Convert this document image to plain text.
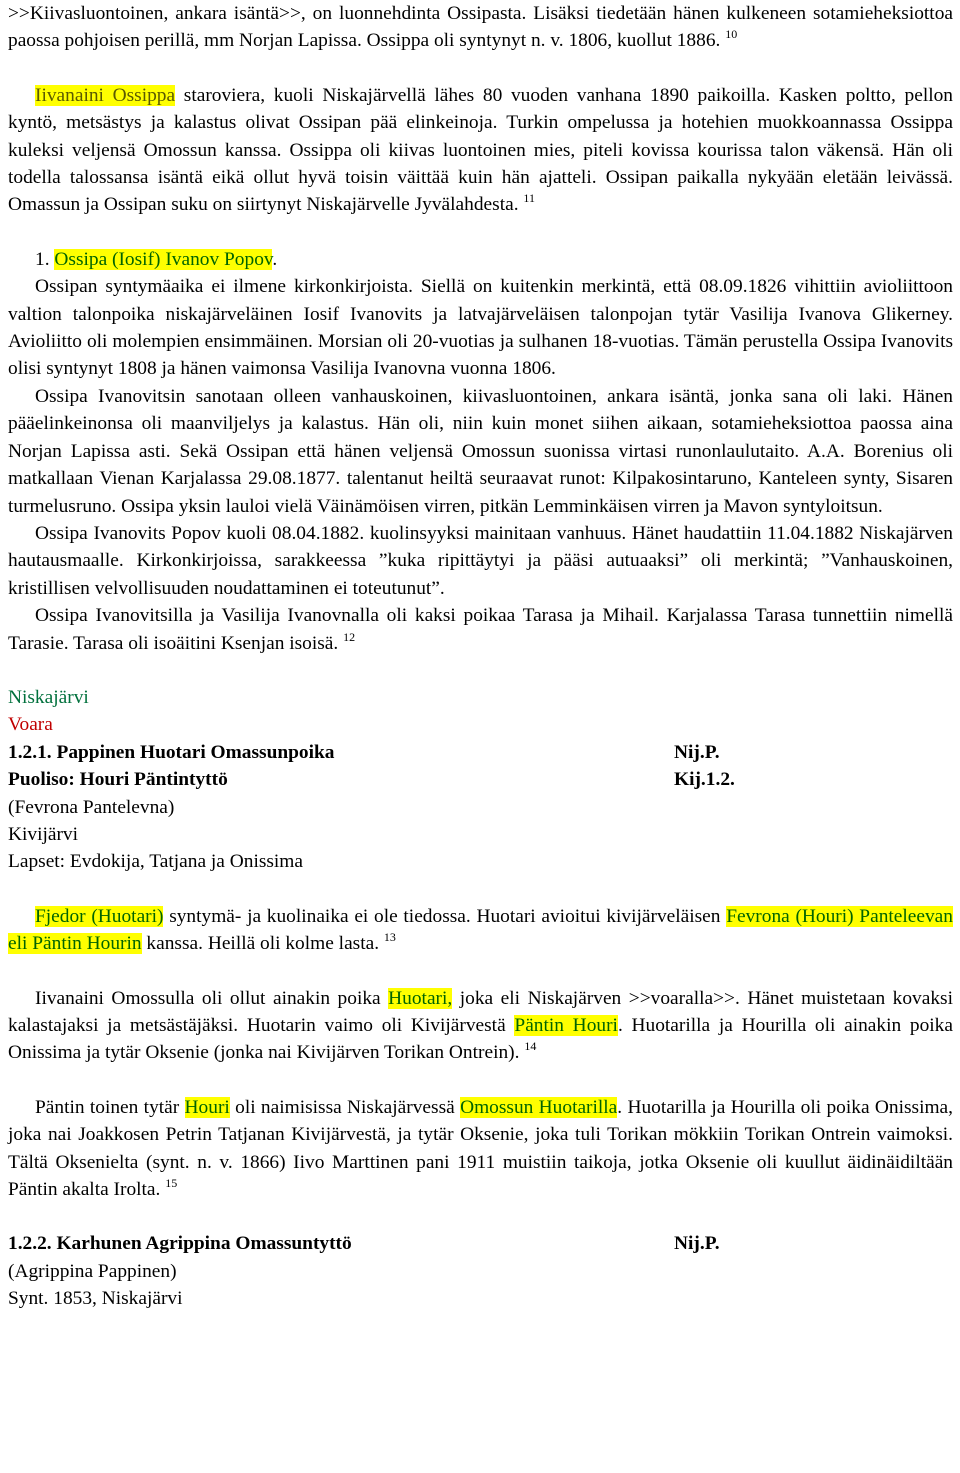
>>Kiivasluontoinen, ankara isäntä>>, on luonnehdinta Ossipasta. Lisäksi tiedetään hänen kulkeneen sotamieheksiottoa paossa pohjoisen perillä, mm Norjan Lapissa. Ossippa oli syntynyt n. v. 1806, kuollut 1886. $^{10}$

Iivanaini Ossippa staroviera, kuoli Niskajärvellä lähes 80 vuoden vanhana 1890 paikoilla. Kasken poltto, pellon kyntö, metsästys ja kalastus olivat Ossipan pää elinkeinoja. Turkin ompelussa ja hotehien muokkoannassa Ossippa kuleksi veljensä Omossun kanssa. Ossippa oli kiivas luontoinen mies, piteli kovissa kourissa talon väkensä. Hän oli todella talossansa isäntä eikä ollut hyvä toisin väittää kuin hän ajatteli. Ossipan paikalla nykyään eletään leivässä. Omassun ja Ossipan suku on siirtynyt Niskajärvelle Jyvälahdesta. $^{11}$

1. Ossipa (Iosif) Ivanov Popov.

Ossipan syntymäaika ei ilmene kirkonkirjoista. Siellä on kuitenkin merkintä, että 08.09.1826 vihittiin avioliittoon valtion talonpoika niskajärveläinen Iosif Ivanovits ja latvajärveläisen talonpojan tytär Vasilija Ivanova Glikerney. Avioliitto oli molempien ensimmäinen. Morsian oli 20-vuotias ja sulhanen 18-vuotias. Tämän perustella Ossipa Ivanovits olisi syntynyt 1808 ja hänen vaimonsa Vasilija Ivanovna vuonna 1806.

Ossipa Ivanovitsin sanotaan olleen vanhauskoinen, kiivasluontoinen, ankara isäntä, jonka sana oli laki. Hänen pääelinkeinonsa oli maanviljelys ja kalastus. Hän oli, niin kuin monet siihen aikaan, sotamieheksiottoa paossa aina Norjan Lapissa asti. Sekä Ossipan että hänen veljensä Omossun suonissa virtasi runonlaulutaito. A.A. Borenius oli matkallaan Vienan Karjalassa 29.08.1877. talentanut heiltä seuraavat runot: Kilpakosintaruno, Kanteleen synty, Sisaren turmelusruno. Ossipa yksin lauloi vielä Väinämöisen virren, pitkän Lemminkäisen virren ja Mavon syntyloitsun.

Ossipa Ivanovits Popov kuoli 08.04.1882. kuolinsyyksi mainitaan vanhuus. Hänet haudattiin 11.04.1882 Niskajärven hautausmaalle. Kirkonkirjoissa, sarakkeessa ”kuka ripittäytyi ja pääsi autuaaksi” oli merkintä; ”Vanhauskoinen, kristillisen velvollisuuden noudattaminen ei toteutunut”.

Ossipa Ivanovitsilla ja Vasilija Ivanovnalla oli kaksi poikaa Tarasa ja Mihail. Karjalassa Tarasa tunnettiin nimellä Tarasie. Tarasa oli isoäitini Ksenjan isoisä. $^{12}$

Niskajärvi

Voara

1.2.1. Pappinen Huotari Omassunpoika	Nij.P.
Puoliso: Houri Päntintyttö	Kij.1.2.

(Fevrona Pantelevna)

Kivijärvi

Lapset: Evdokija, Tatjana ja Onissima

Fjedor (Huotari) syntymä- ja kuolinaika ei ole tiedossa. Huotari avioitui kivijärveläisen Fevrona (Houri) Panteleevan eli Päntin Hourin kanssa. Heillä oli kolme lasta. $^{13}$

Iivanaini Omossulla oli ollut ainakin poika Huotari, joka eli Niskajärven >>voarallа>>. Hänet muistetaan kovaksi kalastajaksi ja metsästäjäksi. Huotarin vaimo oli Kivijärvestä Päntin Houri. Huotarilla ja Hourilla oli ainakin poika Onissima ja tytär Oksenie (jonka nai Kivijärven Torikan Ontrein). $^{14}$

Päntin toinen tytär Houri oli naimisissa Niskajärvessä Omossun Huotarilla. Huotarilla ja Hourilla oli poika Onissima, joka nai Joakkosen Petrin Tatjanan Kivijärvestä, ja tytär Oksenie, joka tuli Torikan mökkiin Torikan Ontrein vaimoksi. Tältä Oksenielta (synt. n. v. 1866) Iivo Marttinen pani 1911 muistiin taikoja, jotka Oksenie oli kuullut äidinäidiltään Päntin akalta Irolta. $^{15}$

1.2.2. Karhunen Agrippina Omassuntyttö	Nij.P.

(Agrippina Pappinen)

Synt. 1853, Niskajärvi
